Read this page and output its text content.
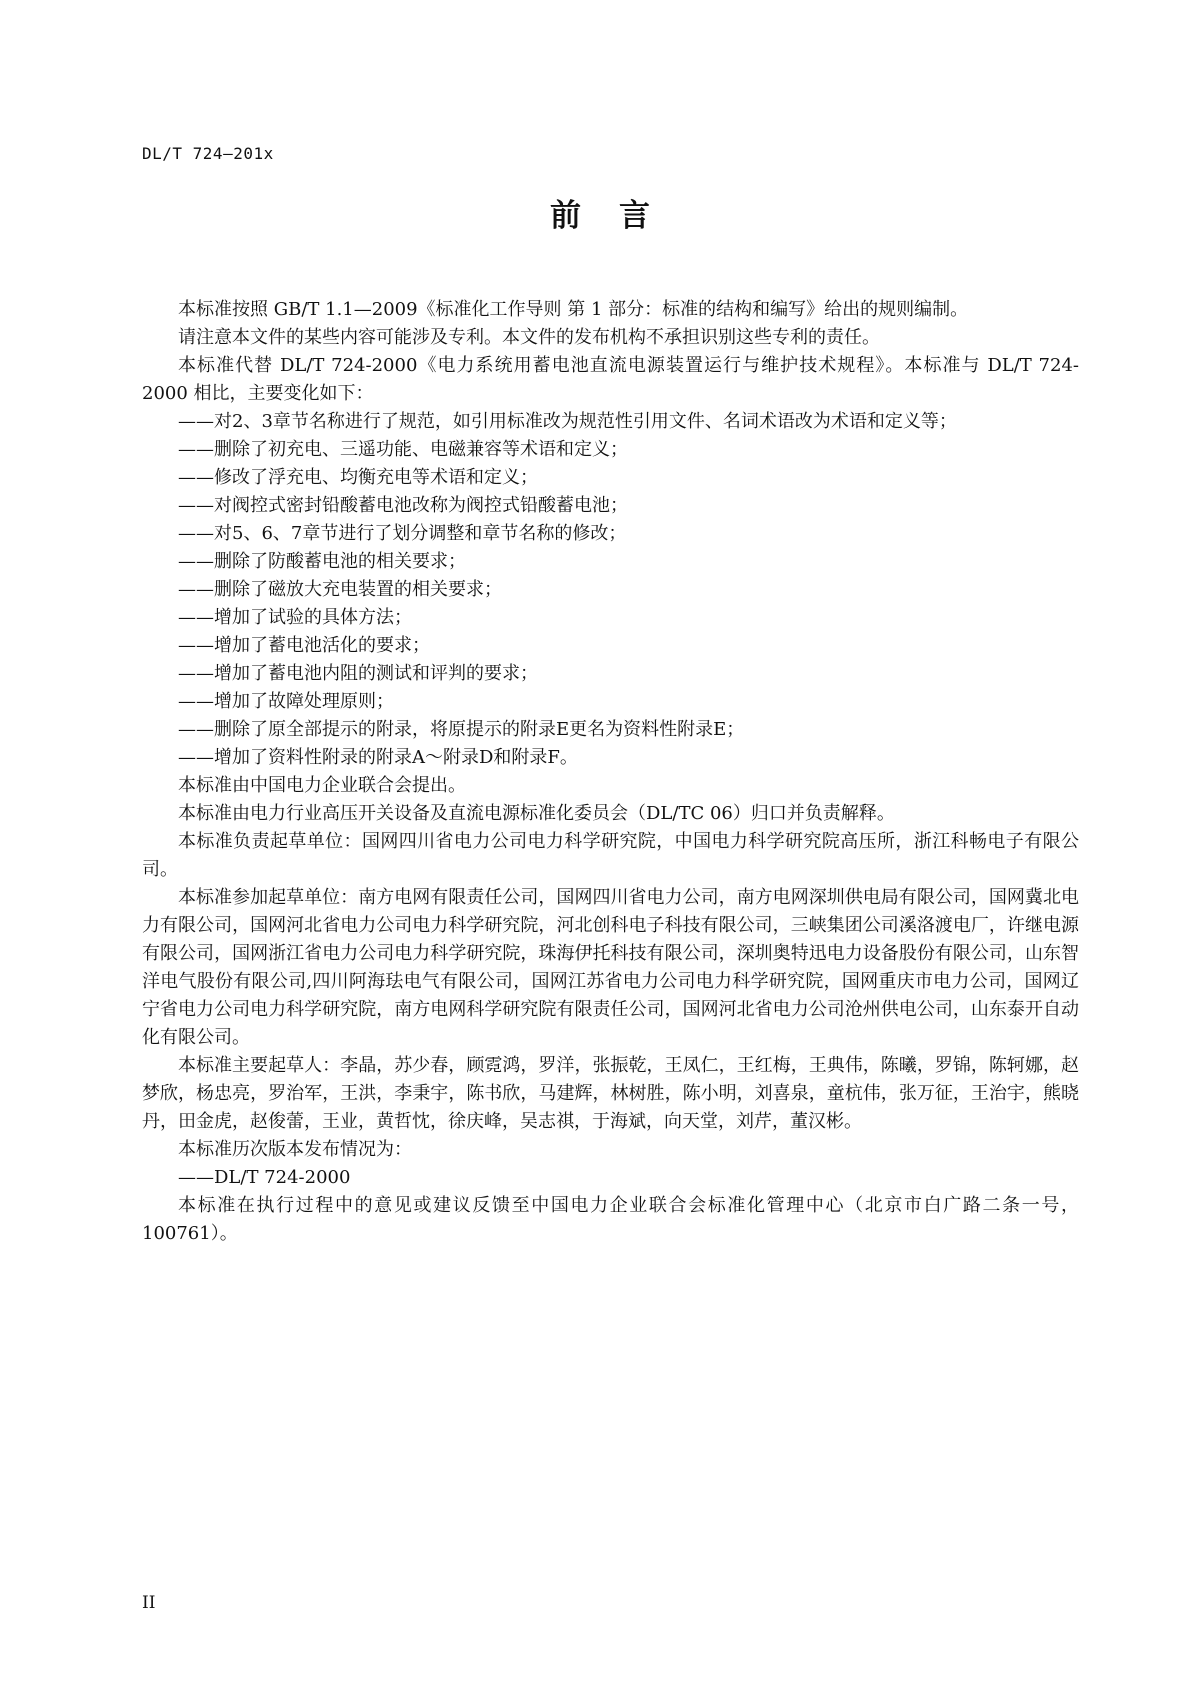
DL/T 724—201x
前言

本标准按照 GB/T 1.1—2009《标准化工作导则 第 1 部分：标准的结构和编写》给出的规则编制。

请注意本文件的某些内容可能涉及专利。本文件的发布机构不承担识别这些专利的责任。

本标准代替 DL/T 724-2000《电力系统用蓄电池直流电源装置运行与维护技术规程》。本标准与 DL/T 724-2000 相比，主要变化如下：

——对2、3章节名称进行了规范，如引用标准改为规范性引用文件、名词术语改为术语和定义等；

——删除了初充电、三遥功能、电磁兼容等术语和定义；

——修改了浮充电、均衡充电等术语和定义；

——对阀控式密封铅酸蓄电池改称为阀控式铅酸蓄电池；

——对5、6、7章节进行了划分调整和章节名称的修改；

——删除了防酸蓄电池的相关要求；

——删除了磁放大充电装置的相关要求；

——增加了试验的具体方法；

——增加了蓄电池活化的要求；

——增加了蓄电池内阻的测试和评判的要求；

——增加了故障处理原则；

——删除了原全部提示的附录，将原提示的附录E更名为资料性附录E；

——增加了资料性附录的附录A～附录D和附录F。

本标准由中国电力企业联合会提出。

本标准由电力行业高压开关设备及直流电源标准化委员会（DL/TC 06）归口并负责解释。

本标准负责起草单位：国网四川省电力公司电力科学研究院，中国电力科学研究院高压所，浙江科畅电子有限公司。

本标准参加起草单位：南方电网有限责任公司，国网四川省电力公司，南方电网深圳供电局有限公司，国网冀北电力有限公司，国网河北省电力公司电力科学研究院，河北创科电子科技有限公司，三峡集团公司溪洛渡电厂，许继电源有限公司，国网浙江省电力公司电力科学研究院，珠海伊托科技有限公司，深圳奥特迅电力设备股份有限公司，山东智洋电气股份有限公司,四川阿海珐电气有限公司，国网江苏省电力公司电力科学研究院，国网重庆市电力公司，国网辽宁省电力公司电力科学研究院，南方电网科学研究院有限责任公司，国网河北省电力公司沧州供电公司，山东泰开自动化有限公司。

本标准主要起草人：李晶，苏少春，顾霓鸿，罗洋，张振乾，王凤仁，王红梅，王典伟，陈曦，罗锦，陈轲娜，赵梦欣，杨忠亮，罗治军，王洪，李秉宇，陈书欣，马建辉，林树胜，陈小明，刘喜泉，童杭伟，张万征，王治宇，熊晓丹，田金虎，赵俊蕾，王业，黄哲忱，徐庆峰，吴志祺，于海斌，向天堂，刘芹，董汉彬。

本标准历次版本发布情况为：

——DL/T 724-2000

本标准在执行过程中的意见或建议反馈至中国电力企业联合会标准化管理中心（北京市白广路二条一号，100761）。

II
